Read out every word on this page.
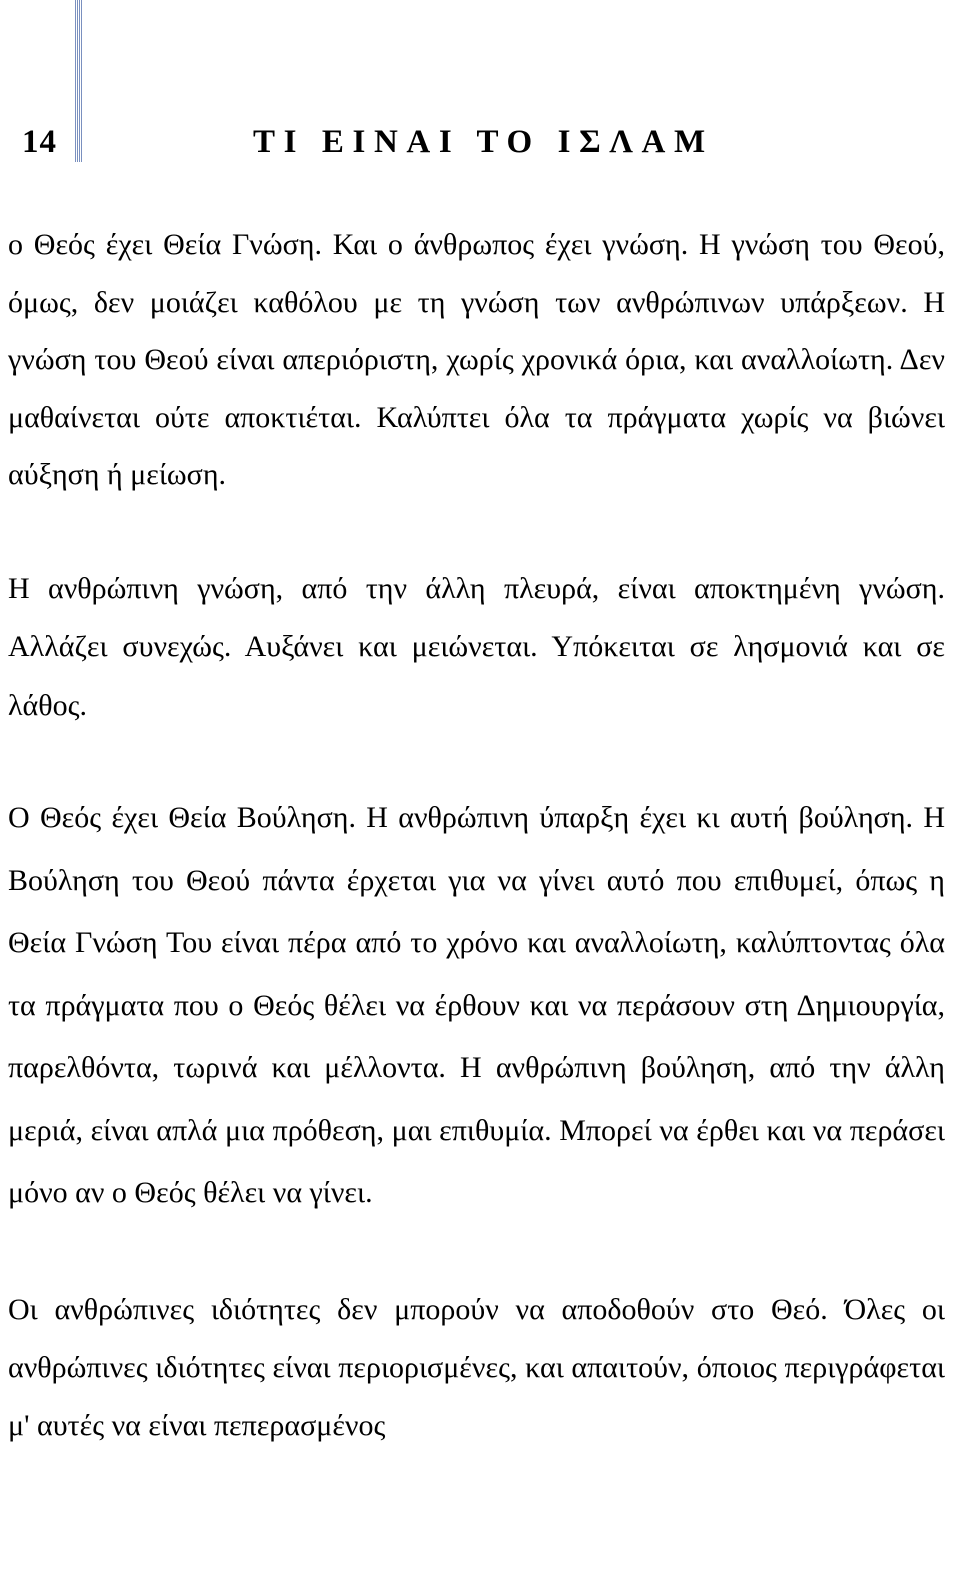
14	ΤΙ ΕΙΝΑΙ ΤΟ ΙΣΛΑΜ

ο Θεός έχει Θεία Γνώση. Και ο άνθρωπος έχει γνώση. Η γνώση του Θεού, όμως, δεν μοιάζει καθόλου με τη γνώση των ανθρώπινων υπάρξεων. Η γνώση του Θεού είναι απεριόριστη, χωρίς χρονικά όρια, και αναλλοίωτη. Δεν μαθαίνεται ούτε αποκτιέται. Καλύπτει όλα τα πράγματα χωρίς να βιώνει αύξηση ή μείωση.

Η ανθρώπινη γνώση, από την άλλη πλευρά, είναι αποκτημένη γνώση. Αλλάζει συνεχώς. Αυξάνει και μειώνεται. Υπόκειται σε λησμονιά και σε λάθος.

Ο Θεός έχει Θεία Βούληση. Η ανθρώπινη ύπαρξη έχει κι αυτή βούληση. Η Βούληση του Θεού πάντα έρχεται για να γίνει αυτό που επιθυμεί, όπως η Θεία Γνώση Του είναι πέρα από το χρόνο και αναλλοίωτη, καλύπτοντας όλα τα πράγματα που ο Θεός θέλει να έρθουν και να περάσουν στη Δημιουργία, παρελθόντα, τωρινά και μέλλοντα. Η ανθρώπινη βούληση, από την άλλη μεριά, είναι απλά μια πρόθεση, μαι επιθυμία. Μπορεί να έρθει και να περάσει μόνο αν ο Θεός θέλει να γίνει.

Οι ανθρώπινες ιδιότητες δεν μπορούν να αποδοθούν στο Θεό. Όλες οι ανθρώπινες ιδιότητες είναι περιορισμένες, και απαιτούν, όποιος περιγράφεται μ' αυτές να είναι πεπερασμένος
